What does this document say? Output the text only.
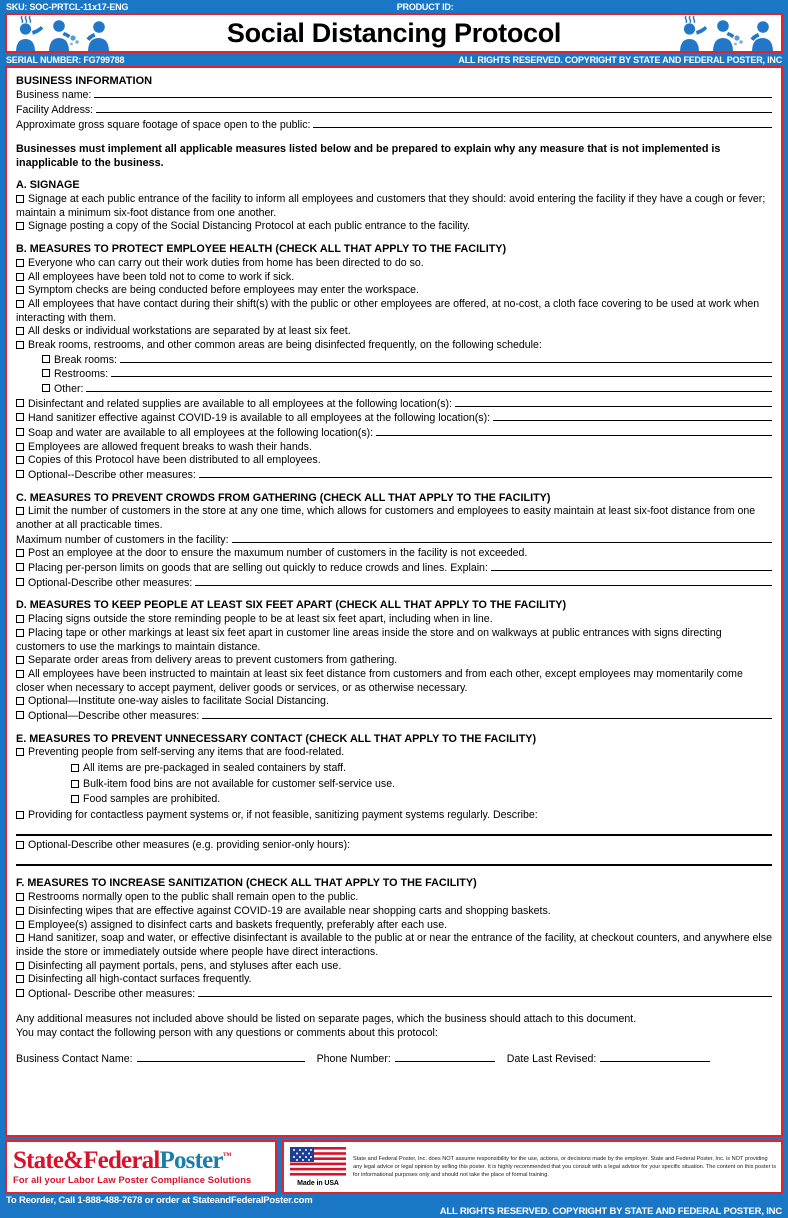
SKU: SOC-PRTCL-11x17-ENG	PRODUCT ID:
Social Distancing Protocol
SERIAL NUMBER: FG799788	ALL RIGHTS RESERVED. COPYRIGHT BY STATE AND FEDERAL POSTER, INC
BUSINESS INFORMATION
Business name:
Facility Address:
Approximate gross square footage of space open to the public:
Businesses must implement all applicable measures listed below and be prepared to explain why any measure that is not implemented is inapplicable to the business.
A. SIGNAGE
Signage at each public entrance of the facility to inform all employees and customers that they should: avoid entering the facility if they have a cough or fever; maintain a minimum six-foot distance from one another.
Signage posting a copy of the Social Distancing Protocol at each public entrance to the facility.
B. MEASURES TO PROTECT EMPLOYEE HEALTH (CHECK ALL THAT APPLY TO THE FACILITY)
Everyone who can carry out their work duties from home has been directed to do so.
All employees have been told not to come to work if sick.
Symptom checks are being conducted before employees may enter the workspace.
All employees that have contact during their shift(s) with the public or other employees are offered, at no-cost, a cloth face covering to be used at work when interacting with them.
All desks or individual workstations are separated by at least six feet.
Break rooms, restrooms, and other common areas are being disinfected frequently, on the following schedule:
Break rooms:
Restrooms:
Other:
Disinfectant and related supplies are available to all employees at the following location(s):
Hand sanitizer effective against COVID-19 is available to all employees at the following location(s):
Soap and water are available to all employees at the following location(s):
Employees are allowed frequent breaks to wash their hands.
Copies of this Protocol have been distributed to all employees.
Optional--Describe other measures:
C. MEASURES TO PREVENT CROWDS FROM GATHERING (CHECK ALL THAT APPLY TO THE FACILITY)
Limit the number of customers in the store at any one time, which allows for customers and employees to easity maintain at least six-foot distance from one another at all practicable times.
Maximum number of customers in the facility:
Post an employee at the door to ensure the maxumum number of customers in the facility is not exceeded.
Placing per-person limits on goods that are selling out quickly to reduce crowds and lines. Explain:
Optional-Describe other measures:
D. MEASURES TO KEEP PEOPLE AT LEAST SIX FEET APART (CHECK ALL THAT APPLY TO THE FACILITY)
Placing signs outside the store reminding people to be at least six feet apart, including when in line.
Placing tape or other markings at least six feet apart in customer line areas inside the store and on walkways at public entrances with signs directing customers to use the markings to maintain distance.
Separate order areas from delivery areas to prevent customers from gathering.
All employees have been instructed to maintain at least six feet distance from customers and from each other, except employees may momentarily come closer when necessary to accept payment, deliver goods or services, or as otherwise necessary.
Optional—Institute one-way aisles to facilitate Social Distancing.
Optional—Describe other measures:
E. MEASURES TO PREVENT UNNECESSARY CONTACT (CHECK ALL THAT APPLY TO THE FACILITY)
Preventing people from self-serving any items that are food-related.
All items are pre-packaged in sealed containers by staff.
Bulk-item food bins are not available for customer self-service use.
Food samples are prohibited.
Providing for contactless payment systems or, if not feasible, sanitizing payment systems regularly. Describe:
Optional-Describe other measures (e.g. providing senior-only hours):
F. MEASURES TO INCREASE SANITIZATION (CHECK ALL THAT APPLY TO THE FACILITY)
Restrooms normally open to the public shall remain open to the public.
Disinfecting wipes that are effective against COVID-19 are available near shopping carts and shopping baskets.
Employee(s) assigned to disinfect carts and baskets frequently, preferably after each use.
Hand sanitizer, soap and water, or effective disinfectant is available to the public at or near the entrance of the facility, at checkout counters, and anywhere else inside the store or immediately outside where people have direct interactions.
Disinfecting all payment portals, pens, and styluses after each use.
Disinfecting all high-contact surfaces frequently.
Optional- Describe other measures:
Any additional measures not included above should be listed on separate pages, which the business should attach to this document.
You may contact the following person with any questions or comments about this protocol:
Business Contact Name:	Phone Number:	Date Last Revised:
State&FederalPoster™
For all your Labor Law Poster Compliance Solutions	Made in USA
State and Federal Poster, Inc. does NOT assume responsibility for the use, actions, or decisions made by the employer. State and Federal Poster, Inc. is NOT providing any legal advice or legal opinion by selling this poster. It is highly recommended that you consult with a legal advisor for your specific situation. The content on this poster is for informational purposes only and should not take the place of formal training.
To Reorder, Call 1-888-488-7678 or order at StateandFederalPoster.com
ALL RIGHTS RESERVED. COPYRIGHT BY STATE AND FEDERAL POSTER, INC
